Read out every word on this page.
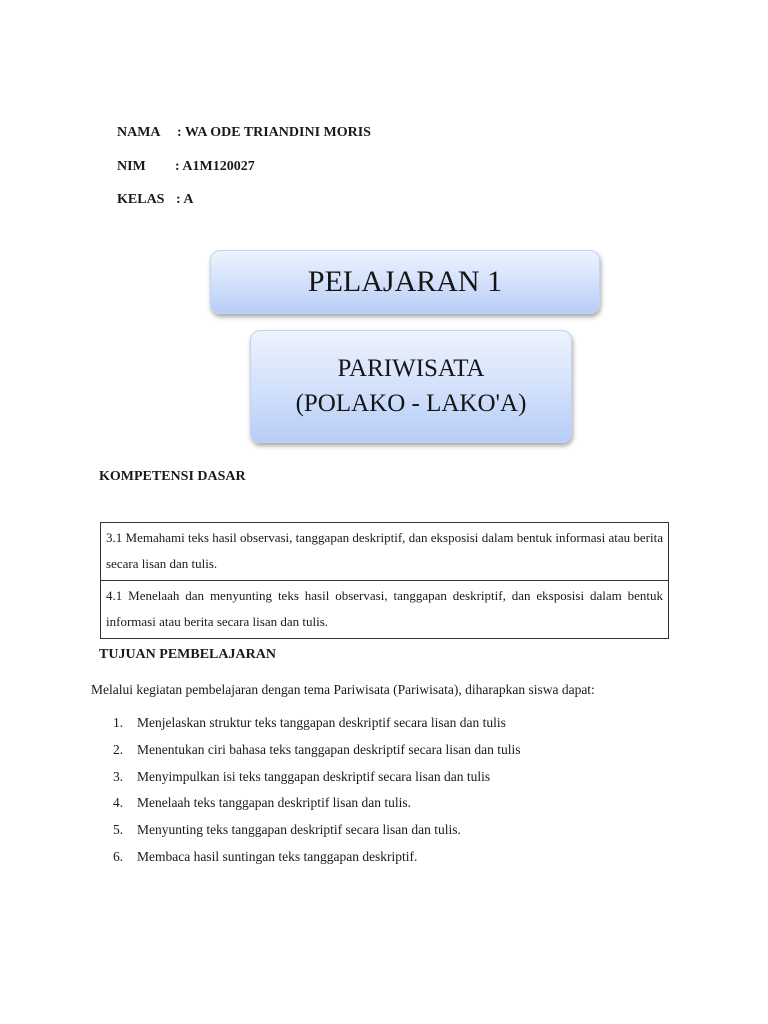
NAMA : WA ODE TRIANDINI MORIS

NIM : A1M120027

KELAS : A

PELAJARAN 1
PARIWISATA
(POLAKO - LAKO'A)
KOMPETENSI DASAR
3.1 Memahami teks hasil observasi, tanggapan deskriptif, dan eksposisi dalam bentuk informasi atau berita secara lisan dan tulis.
4.1 Menelaah dan menyunting teks hasil observasi, tanggapan deskriptif, dan eksposisi dalam bentuk informasi atau berita secara lisan dan tulis.
TUJUAN PEMBELAJARAN
Melalui kegiatan pembelajaran dengan tema Pariwisata (Pariwisata), diharapkan siswa dapat:
1. Menjelaskan struktur teks tanggapan deskriptif secara lisan dan tulis
2. Menentukan ciri bahasa teks tanggapan deskriptif secara lisan dan tulis
3. Menyimpulkan isi teks tanggapan deskriptif secara lisan dan tulis
4. Menelaah teks tanggapan deskriptif lisan dan tulis.
5. Menyunting teks tanggapan deskriptif secara lisan dan tulis.
6. Membaca hasil suntingan teks tanggapan deskriptif.
